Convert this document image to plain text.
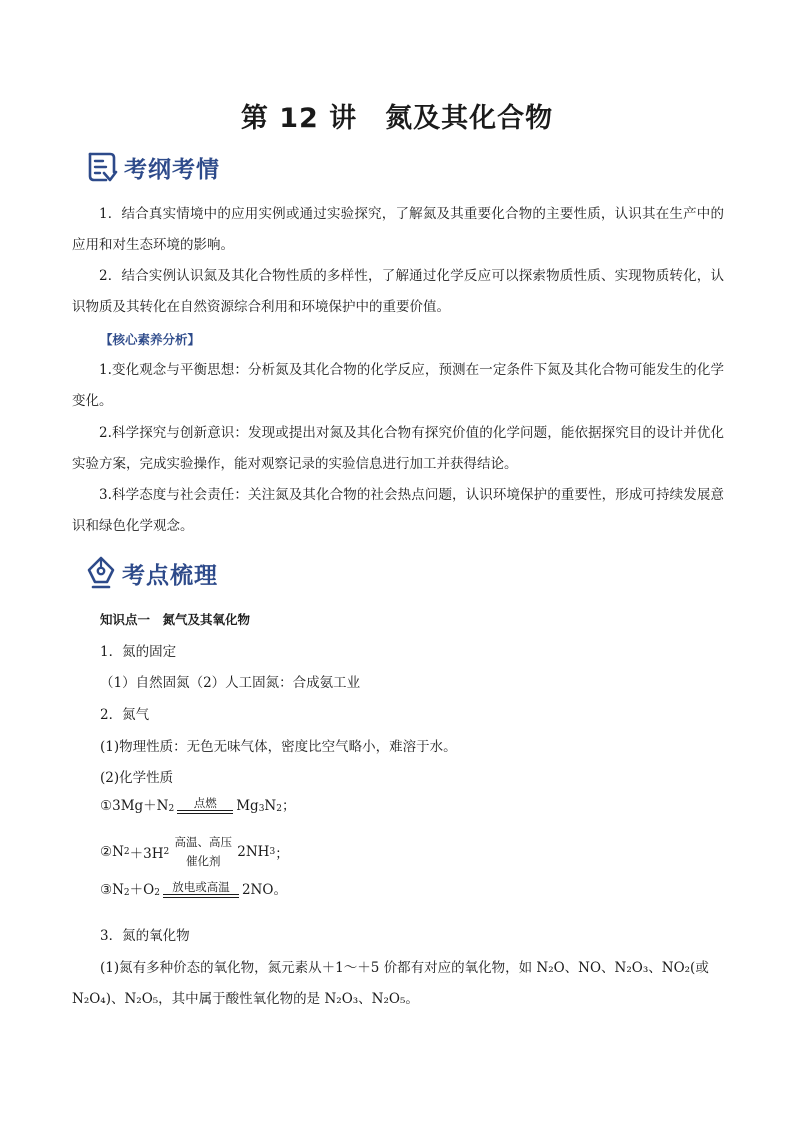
第 12 讲　氮及其化合物
考纲考情

1．结合真实情境中的应用实例或通过实验探究，了解氮及其重要化合物的主要性质，认识其在生产中的应用和对生态环境的影响。

2．结合实例认识氮及其化合物性质的多样性，了解通过化学反应可以探索物质性质、实现物质转化，认识物质及其转化在自然资源综合利用和环境保护中的重要价值。

【核心素养分析】

1.变化观念与平衡思想：分析氮及其化合物的化学反应，预测在一定条件下氮及其化合物可能发生的化学变化。

2.科学探究与创新意识：发现或提出对氮及其化合物有探究价值的化学问题，能依据探究目的设计并优化实验方案，完成实验操作，能对观察记录的实验信息进行加工并获得结论。

3.科学态度与社会责任：关注氮及其化合物的社会热点问题，认识环境保护的重要性，形成可持续发展意识和绿色化学观念。

考点梳理
知识点一　氮气及其氧化物
1．氮的固定
（1）自然固氮（2）人工固氮：合成氨工业
2．氮气
(1)物理性质：无色无味气体，密度比空气略小，难溶于水。
(2)化学性质
$①3Mg+N_2$ 点燃 $Mg_3$ $N_2$ ；
②N 2 ＋3H 2
高温、高压
催化剂
2NH 3 ；
$③N_2 +O_2$ 放电或高温 2NO。
3．氮的氧化物
(1)氮有多种价态的氧化物，氮元素从＋1～＋5 价都有对应的氧化物，如 N₂O、NO、N₂O₃、NO₂(或
N₂O₄)、N₂O₅，其中属于酸性氧化物的是 N₂O₃、N₂O₅。
